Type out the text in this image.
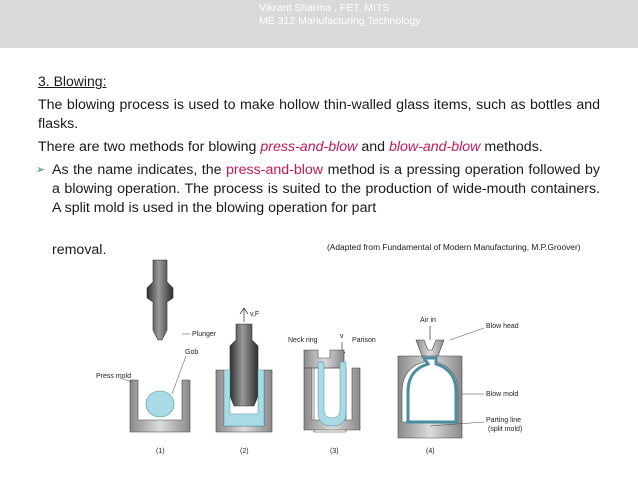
Vikrant Sharma , FET. MITS
ME 312 Manufacturing Technology
3. Blowing:

The blowing process is used to make hollow thin-walled glass items, such as bottles and flasks.

There are two methods for blowing press-and-blow and blow-and-blow methods.

➢ As the name indicates, the press-and-blow method is a pressing operation followed by a blowing operation. The process is suited to the production of wide-mouth containers. A split mold is used in the blowing operation for part
removal.	(Adapted from Fundamental of Modern Manufacturing, M.P.Groover)
Plunger
Gob
Press mold
(1)
v,F
(2)
Neck ring
v
Parison
(3)
Air in
Blow head
Blow mold
Parting line
(split mold)
(4)
